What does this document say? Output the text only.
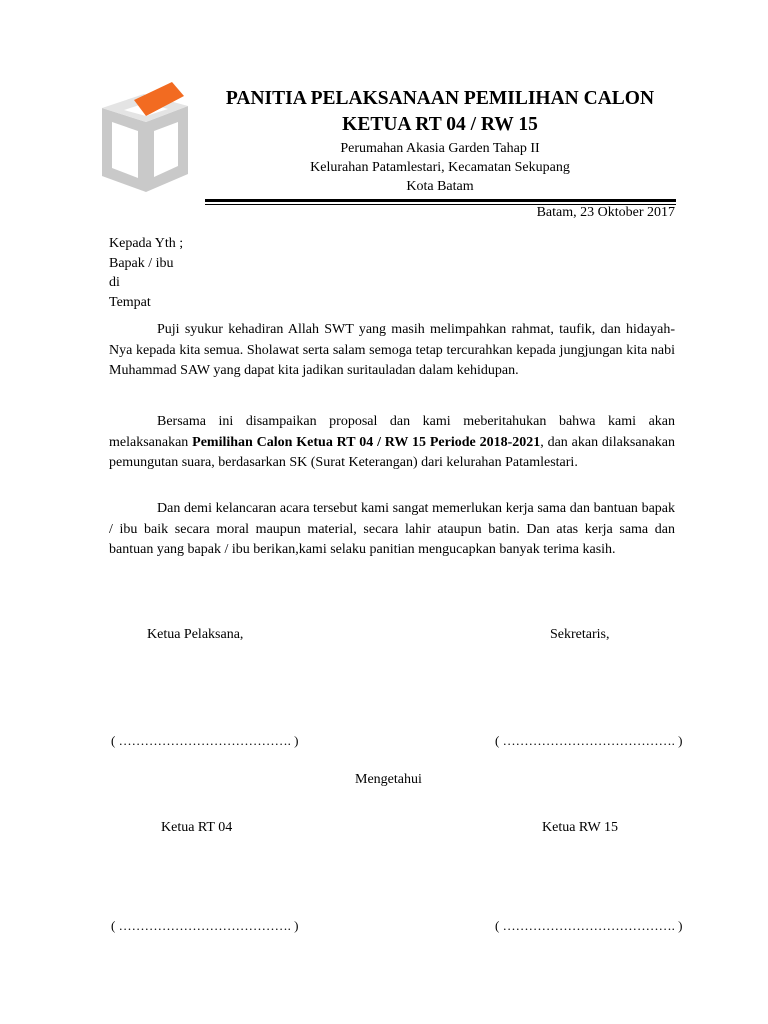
PANITIA PELAKSANAAN PEMILIHAN CALON
KETUA RT 04 / RW 15
Perumahan Akasia Garden Tahap II
Kelurahan Patamlestari, Kecamatan Sekupang
Kota Batam
Batam, 23 Oktober 2017
Kepada Yth ;
Bapak / ibu
di
Tempat
Puji syukur kehadiran Allah SWT yang masih melimpahkan rahmat, taufik, dan hidayah-Nya kepada kita semua. Sholawat serta salam semoga tetap tercurahkan kepada jungjungan kita nabi Muhammad SAW yang dapat kita jadikan suritauladan dalam kehidupan.
Bersama ini disampaikan proposal dan kami meberitahukan bahwa kami akan melaksanakan Pemilihan Calon Ketua RT 04 / RW 15 Periode 2018-2021, dan akan dilaksanakan pemungutan suara, berdasarkan SK (Surat Keterangan) dari kelurahan Patamlestari.
Dan demi kelancaran acara tersebut kami sangat memerlukan kerja sama dan bantuan bapak / ibu baik secara moral maupun material, secara lahir ataupun batin. Dan atas kerja sama dan bantuan yang bapak / ibu berikan,kami selaku panitian mengucapkan banyak terima kasih.
Ketua Pelaksana,	Sekretaris,
( …………………………………. )	( …………………………………. )
Mengetahui
Ketua RT 04	Ketua RW 15
( …………………………………. )	( …………………………………. )
